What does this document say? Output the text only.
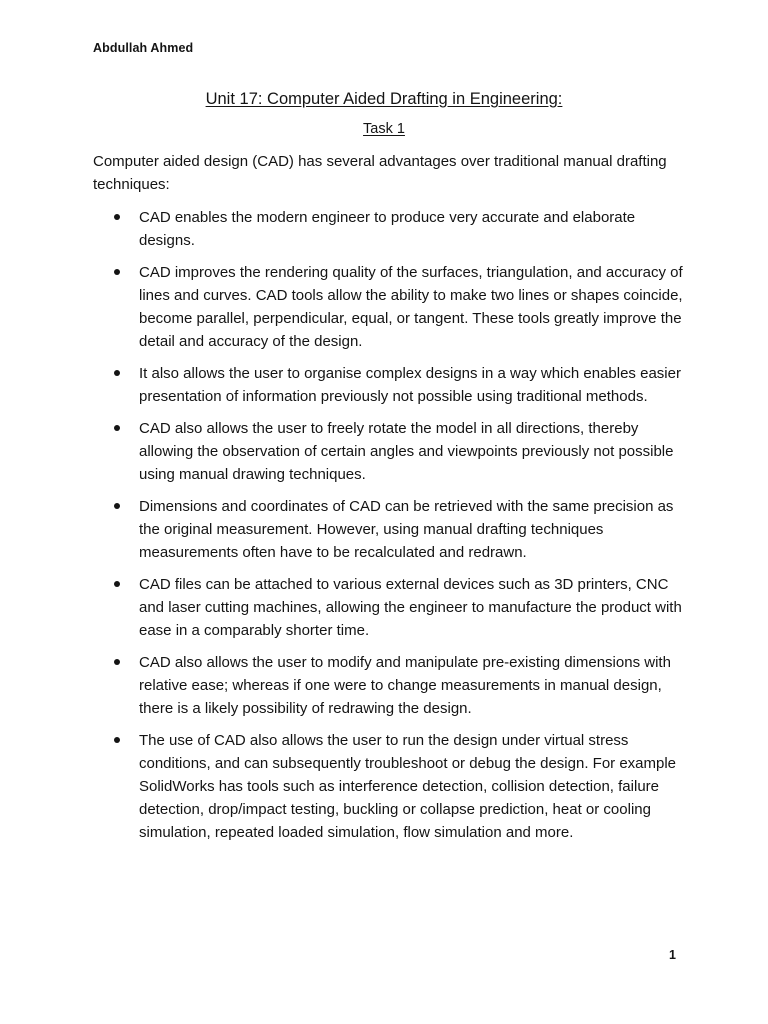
Abdullah Ahmed
Unit 17: Computer Aided Drafting in Engineering:
Task 1
Computer aided design (CAD) has several advantages over traditional manual drafting techniques:
CAD enables the modern engineer to produce very accurate and elaborate designs.
CAD improves the rendering quality of the surfaces, triangulation, and accuracy of lines and curves. CAD tools allow the ability to make two lines or shapes coincide, become parallel, perpendicular, equal, or tangent. These tools greatly improve the detail and accuracy of the design.
It also allows the user to organise complex designs in a way which enables easier presentation of information previously not possible using traditional methods.
CAD also allows the user to freely rotate the model in all directions, thereby allowing the observation of certain angles and viewpoints previously not possible using manual drawing techniques.
Dimensions and coordinates of CAD can be retrieved with the same precision as the original measurement. However, using manual drafting techniques measurements often have to be recalculated and redrawn.
CAD files can be attached to various external devices such as 3D printers, CNC and laser cutting machines, allowing the engineer to manufacture the product with ease in a comparably shorter time.
CAD also allows the user to modify and manipulate pre-existing dimensions with relative ease; whereas if one were to change measurements in manual design, there is a likely possibility of redrawing the design.
The use of CAD also allows the user to run the design under virtual stress conditions, and can subsequently troubleshoot or debug the design. For example SolidWorks has tools such as interference detection, collision detection, failure detection, drop/impact testing, buckling or collapse prediction, heat or cooling simulation, repeated loaded simulation, flow simulation and more.
1
